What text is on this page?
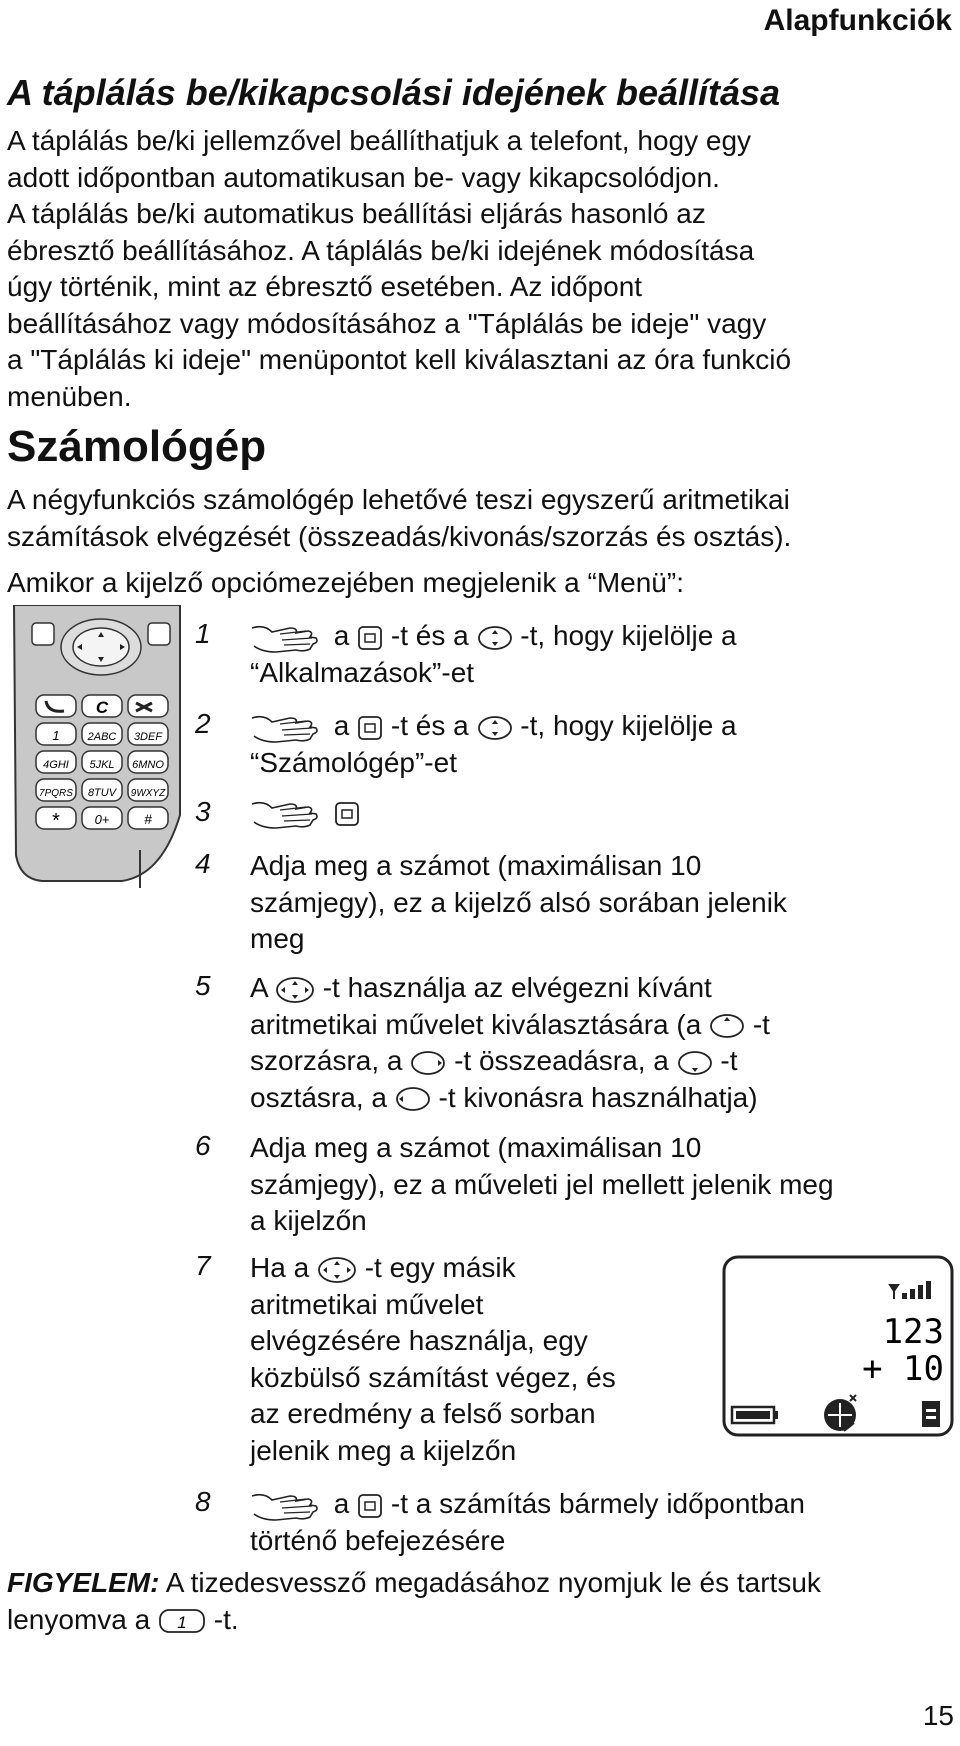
Alapfunkciók
A táplálás be/kikapcsolási idejének beállítása
A táplálás be/ki jellemzővel beállíthatjuk a telefont, hogy egy
adott időpontban automatikusan be- vagy kikapcsolódjon.
A táplálás be/ki automatikus beállítási eljárás hasonló az
ébresztő beállításához. A táplálás be/ki idejének módosítása
úgy történik, mint az ébresztő esetében. Az időpont
beállításához vagy módosításához a "Táplálás be ideje" vagy
a "Táplálás ki ideje" menüpontot kell kiválasztani az óra funkció
menüben.
Számológép
A négyfunkciós számológép lehetővé teszi egyszerű aritmetikai
számítások elvégzését (összeadás/kivonás/szorzás és osztás).
Amikor a kijelző opciómezejében megjelenik a “Menü”:
C
1	2ABC 3DEF
4GHI 5JKL 6MNO
7PQRS 8TUV 9WXYZ
*	0+ #
1	a -t és a -t, hogy kijelölje a
“Alkalmazások”-et
2	a -t és a -t, hogy kijelölje a
“Számológép”-et
3

4 Adja meg a számot (maximálisan 10
számjegy), ez a kijelző alsó sorában jelenik
meg
5 A -t használja az elvégezni kívánt
aritmetikai művelet kiválasztására (a -t
szorzásra, a -t összeadásra, a -t
osztásra, a -t kivonásra használhatja)
6 Adja meg a számot (maximálisan 10
számjegy), ez a műveleti jel mellett jelenik meg
a kijelzőn
7 Ha a -t egy másik
aritmetikai művelet
elvégzésére használja, egy
közbülső számítást végez, és
az eredmény a felső sorban
jelenik meg a kijelzőn
123
+ 10
8	a -t a számítás bármely időpontban
történő befejezésére
FIGYELEM: A tizedesvessző megadásához nyomjuk le és tartsuk
lenyomva a 1 -t.
15
